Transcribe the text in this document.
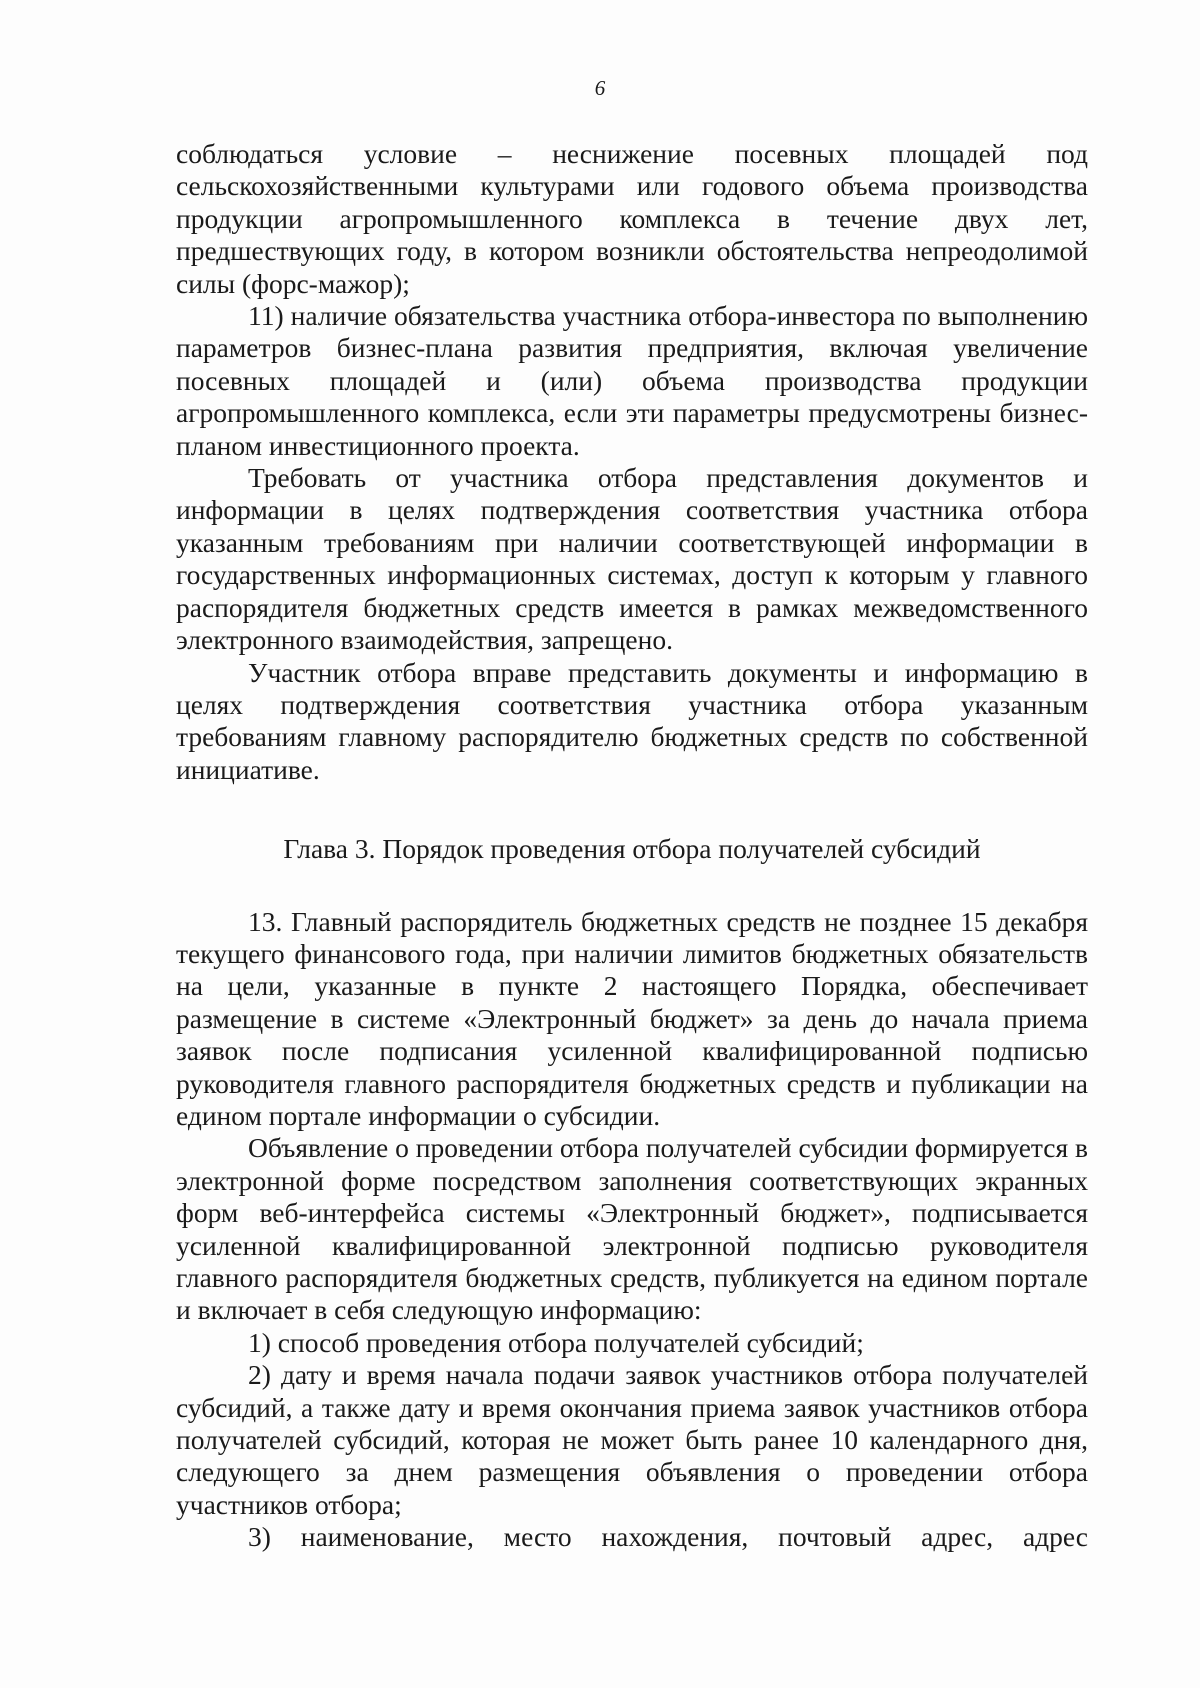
6

соблюдаться условие – неснижение посевных площадей под сельскохозяйственными культурами или годового объема производства продукции агропромышленного комплекса в течение двух лет, предшествующих году, в котором возникли обстоятельства непреодолимой силы (форс-мажор);

11) наличие обязательства участника отбора-инвестора по выполнению параметров бизнес-плана развития предприятия, включая увеличение посевных площадей и (или) объема производства продукции агропромышленного комплекса, если эти параметры предусмотрены бизнес-планом инвестиционного проекта.

Требовать от участника отбора представления документов и информации в целях подтверждения соответствия участника отбора указанным требованиям при наличии соответствующей информации в государственных информационных системах, доступ к которым у главного распорядителя бюджетных средств имеется в рамках межведомственного электронного взаимодействия, запрещено.

Участник отбора вправе представить документы и информацию в целях подтверждения соответствия участника отбора указанным требованиям главному распорядителю бюджетных средств по собственной инициативе.

Глава 3. Порядок проведения отбора получателей субсидий

13. Главный распорядитель бюджетных средств не позднее 15 декабря текущего финансового года, при наличии лимитов бюджетных обязательств на цели, указанные в пункте 2 настоящего Порядка, обеспечивает размещение в системе «Электронный бюджет» за день до начала приема заявок после подписания усиленной квалифицированной подписью руководителя главного распорядителя бюджетных средств и публикации на едином портале информации о субсидии.

Объявление о проведении отбора получателей субсидии формируется в электронной форме посредством заполнения соответствующих экранных форм веб-интерфейса системы «Электронный бюджет», подписывается усиленной квалифицированной электронной подписью руководителя главного распорядителя бюджетных средств, публикуется на едином портале и включает в себя следующую информацию:

1) способ проведения отбора получателей субсидий;

2) дату и время начала подачи заявок участников отбора получателей субсидий, а также дату и время окончания приема заявок участников отбора получателей субсидий, которая не может быть ранее 10 календарного дня, следующего за днем размещения объявления о проведении отбора участников отбора;

3) наименование, место нахождения, почтовый адрес, адрес
